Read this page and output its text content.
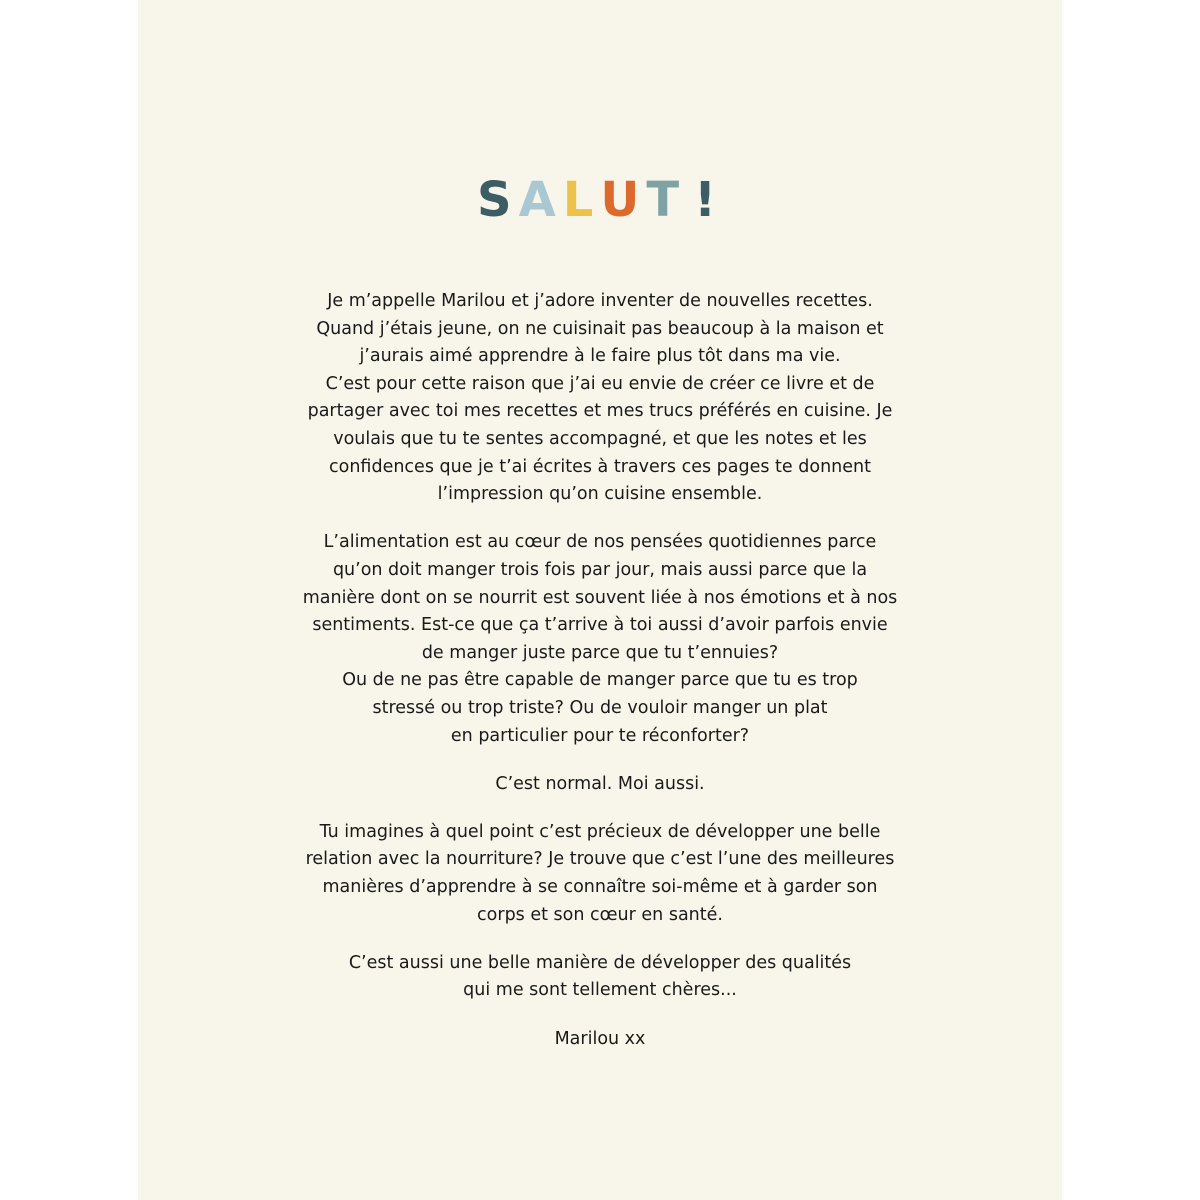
SALUT !
Je m’appelle Marilou et j’adore inventer de nouvelles recettes.
Quand j’étais jeune, on ne cuisinait pas beaucoup à la maison et
j’aurais aimé apprendre à le faire plus tôt dans ma vie.
C’est pour cette raison que j’ai eu envie de créer ce livre et de
partager avec toi mes recettes et mes trucs préférés en cuisine. Je
voulais que tu te sentes accompagné, et que les notes et les
confidences que je t’ai écrites à travers ces pages te donnent
l’impression qu’on cuisine ensemble.
L’alimentation est au cœur de nos pensées quotidiennes parce
qu’on doit manger trois fois par jour, mais aussi parce que la
manière dont on se nourrit est souvent liée à nos émotions et à nos
sentiments. Est-ce que ça t’arrive à toi aussi d’avoir parfois envie
de manger juste parce que tu t’ennuies?
Ou de ne pas être capable de manger parce que tu es trop
stressé ou trop triste? Ou de vouloir manger un plat
en particulier pour te réconforter?
C’est normal. Moi aussi.
Tu imagines à quel point c’est précieux de développer une belle
relation avec la nourriture? Je trouve que c’est l’une des meilleures
manières d’apprendre à se connaître soi-même et à garder son
corps et son cœur en santé.
C’est aussi une belle manière de développer des qualités
qui me sont tellement chères...
Marilou xx
